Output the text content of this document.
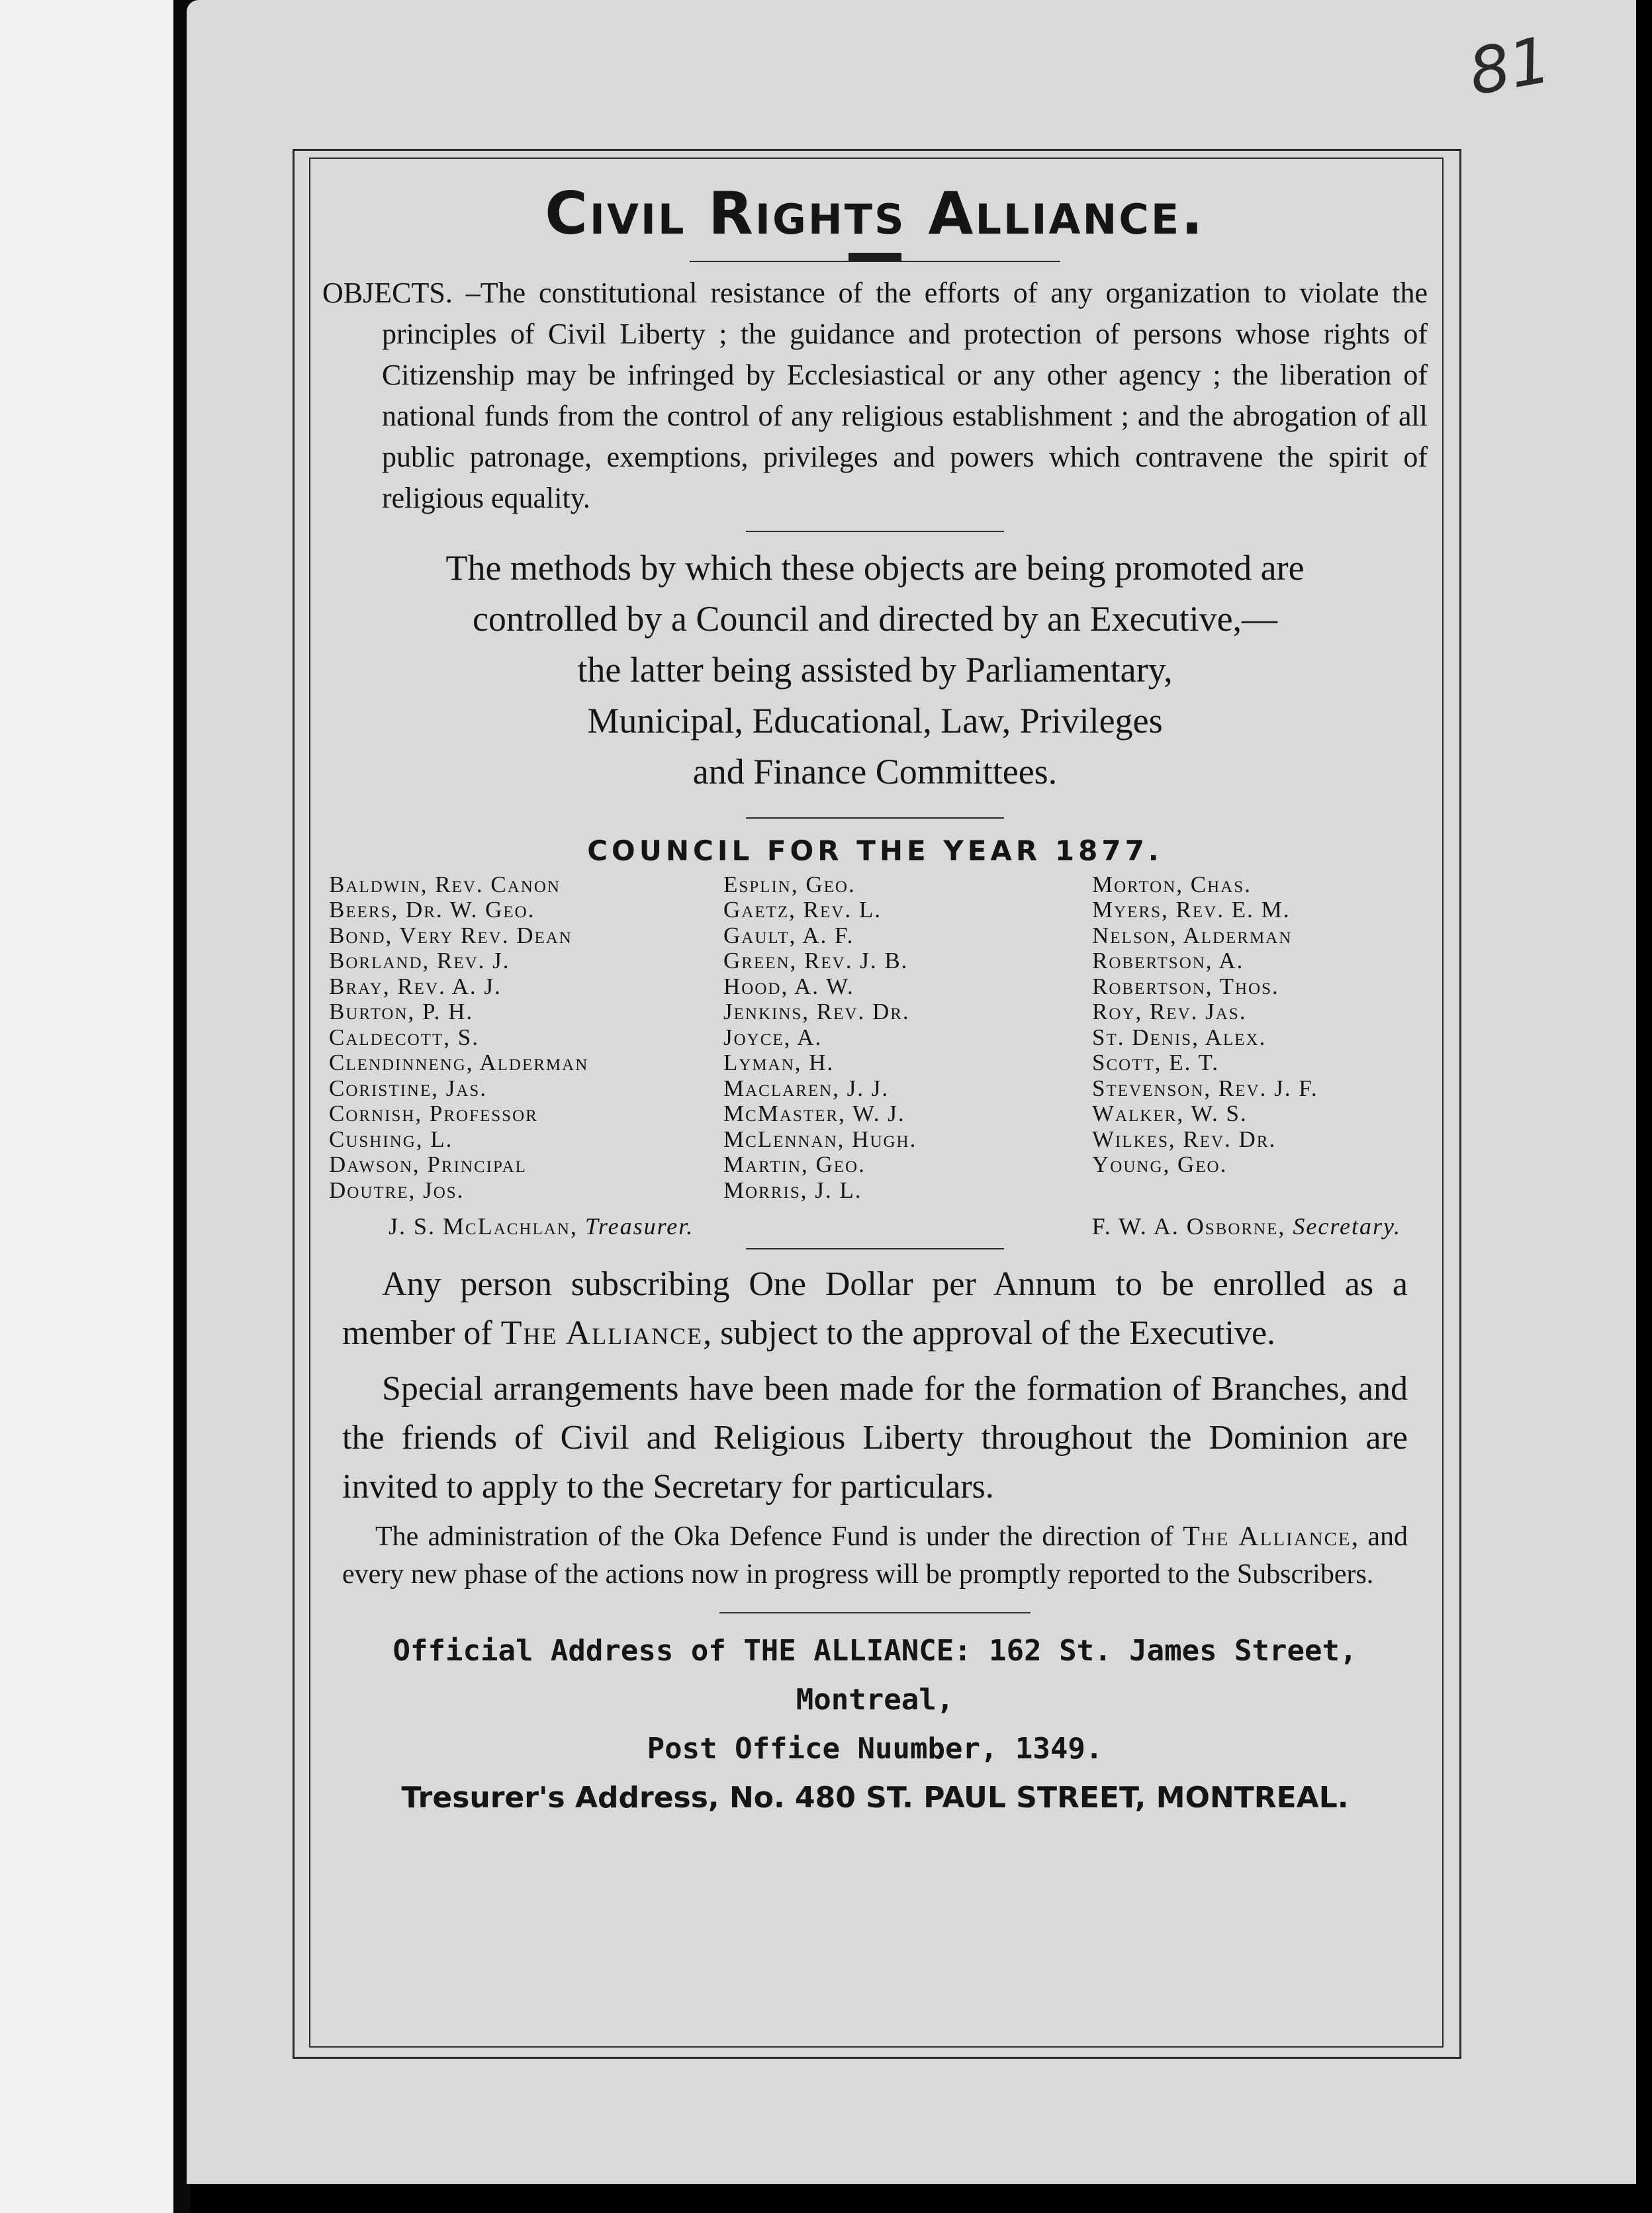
81
Civil Rights Alliance.

OBJECTS. –The constitutional resistance of the efforts of any organization to violate the principles of Civil Liberty ; the guidance and protection of persons whose rights of Citizenship may be infringed by Ecclesiastical or any other agency ; the liberation of national funds from the control of any religious establishment ; and the abrogation of all public patronage, exemptions, privileges and powers which contravene the spirit of religious equality.

The methods by which these objects are being promoted are
controlled by a Council and directed by an Executive,—
the latter being assisted by Parliamentary,
Municipal, Educational, Law, Privileges
and Finance Committees.
COUNCIL FOR THE YEAR 1877.
Baldwin, Rev. Canon
Beers, Dr. W. Geo.
Bond, Very Rev. Dean
Borland, Rev. J.
Bray, Rev. A. J.
Burton, P. H.
Caldecott, S.
Clendinneng, Alderman
Coristine, Jas.
Cornish, Professor
Cushing, L.
Dawson, Principal
Doutre, Jos.
Esplin, Geo.
Gaetz, Rev. L.
Gault, A. F.
Green, Rev. J. B.
Hood, A. W.
Jenkins, Rev. Dr.
Joyce, A.
Lyman, H.
Maclaren, J. J.
McMaster, W. J.
McLennan, Hugh.
Martin, Geo.
Morris, J. L.
Morton, Chas.
Myers, Rev. E. M.
Nelson, Alderman
Robertson, A.
Robertson, Thos.
Roy, Rev. Jas.
St. Denis, Alex.
Scott, E. T.
Stevenson, Rev. J. F.
Walker, W. S.
Wilkes, Rev. Dr.
Young, Geo.
J. S. McLachlan, Treasurer.	F. W. A. Osborne, Secretary.

Any person subscribing One Dollar per Annum to be enrolled as a member of The Alliance, subject to the approval of the Executive.

Special arrangements have been made for the formation of Branches, and the friends of Civil and Religious Liberty throughout the Dominion are invited to apply to the Secretary for particulars.

The administration of the Oka Defence Fund is under the direction of The Alliance, and every new phase of the actions now in progress will be promptly reported to the Subscribers.

Official Address of THE ALLIANCE: 162 St. James Street, Montreal,

Post Office Nuumber, 1349.

Tresurer's Address, No. 480 ST. PAUL STREET, MONTREAL.
